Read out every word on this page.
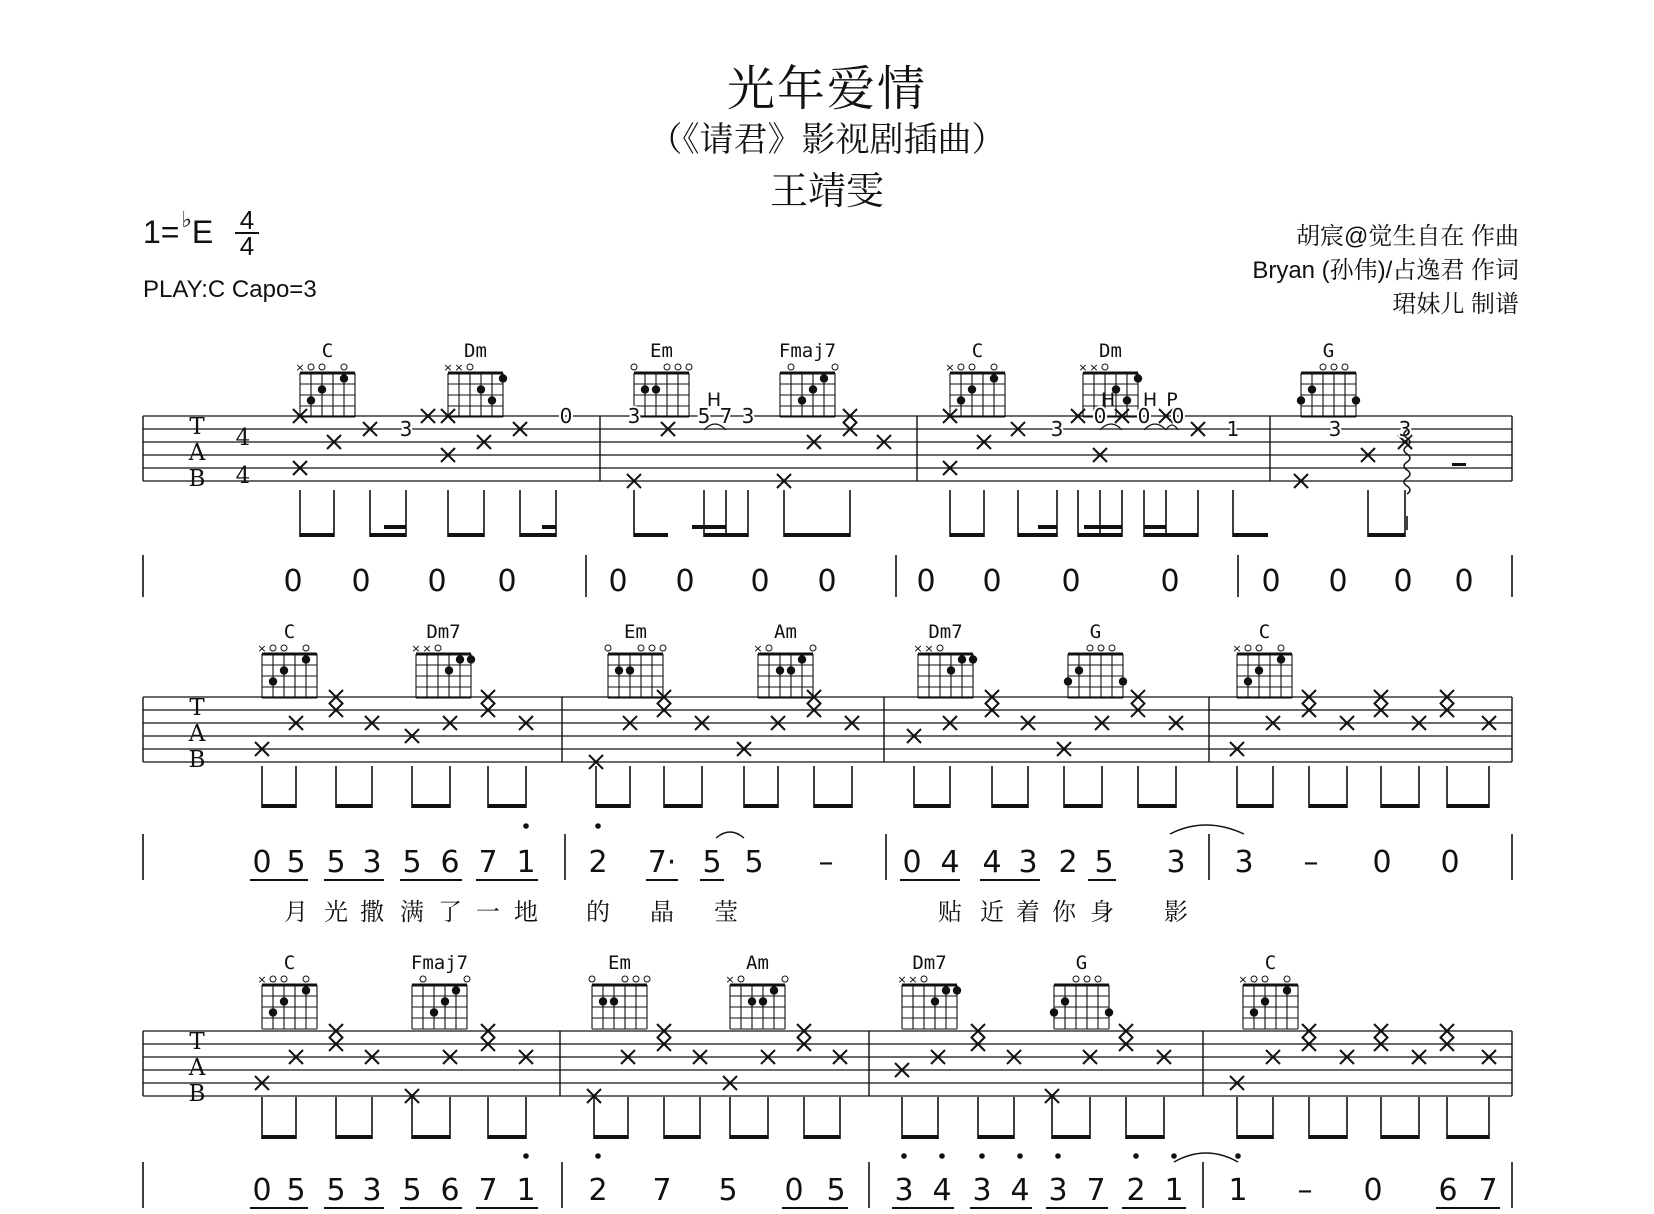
光年爱情
（《请君》影视剧插曲）
王靖雯
1=♭E 4
4
PLAY:C Capo=3
胡宸@觉生自在 作曲
Bryan (孙伟)/占逸君 作词
珺妹儿 制谱
T
A
B
4
4
C
×
Dm
× ×
Em	Fmaj7	C
×
Dm
× ×
G
3
0	3	5 7 3
3
0 0 0
1	3	3
H	H H P
0 0 0 0	0 0 0 0	0 0 0	0	0 0 0 0
T
A
B
C
×
Dm7
× ×
Em	Am
×
Dm7
× ×
G	C
×
0 5 5 3 5 6 7 1 2 7· 5 5 – 0 4 4 3 2 5 3 3 – 0 0
月 光 撒 满 了 一 地 的 晶 莹	贴 近 着 你 身 影
T
A
B
C
×
Fmaj7	Em	Am
×
Dm7
× ×
G	C
×
0 5 5 3 5 6 7 1 2 7 5 0 5 3 4 3 4 3 7 2 1 1 – 0 6 7
